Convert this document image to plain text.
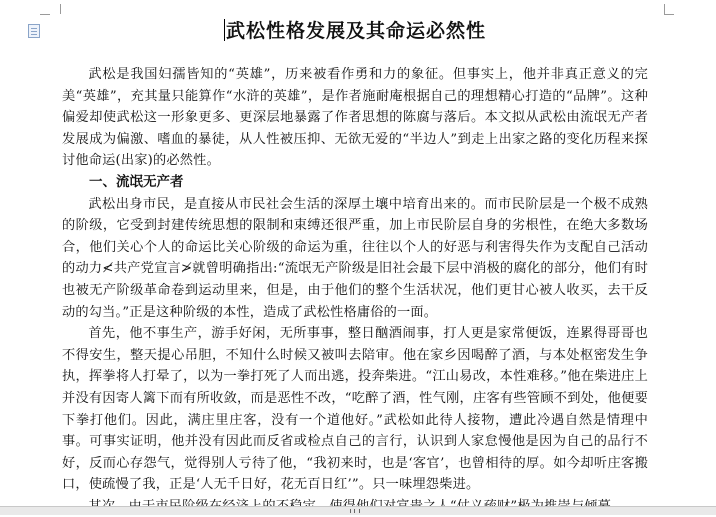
武松性格发展及其命运必然性

武松是我国妇孺皆知的“英雄”，历来被看作勇和力的象征。但事实上，他并非真正意义的完美“英雄”，充其量只能算作“水浒的英雄”，是作者施耐庵根据自己的理想精心打造的“品牌”。这种偏爱却使武松这一形象更多、更深层地暴露了作者思想的陈腐与落后。本文拟从武松由流氓无产者发展成为偏激、嗜血的暴徒，从人性被压抑、无欲无爱的“半边人”到走上出家之路的变化历程来探讨他命运(出家)的必然性。

一、流氓无产者

武松出身市民，是直接从市民社会生活的深厚土壤中培育出来的。而市民阶层是一个极不成熟的阶级，它受到封建传统思想的限制和束缚还很严重，加上市民阶层自身的劣根性，在绝大多数场合，他们关心个人的命运比关心阶级的命运为重，往往以个人的好恶与利害得失作为支配自己活动的动力≮共产党宣言≯就曾明确指出:“流氓无产阶级是旧社会最下层中消极的腐化的部分，他们有时也被无产阶级革命卷到运动里来，但是，由于他们的整个生活状况，他们更甘心被人收买，去干反动的勾当。”正是这种阶级的本性，造成了武松性格庸俗的一面。

首先，他不事生产，游手好闲，无所事事，整日酗酒闹事，打人更是家常便饭，连累得哥哥也不得安生，整天提心吊胆，不知什么时候又被叫去陪审。他在家乡因喝醉了酒，与本处枢密发生争执，挥拳将人打晕了，以为一拳打死了人而出逃，投奔柴进。“江山易改，本性难移。”他在柴进庄上并没有因寄人篱下而有所收敛，而是恶性不改，“吃醉了酒，性气刚，庄客有些管顾不到处，他便要下拳打他们。因此，满庄里庄客，没有一个道他好。”武松如此待人接物，遭此冷遇自然是情理中事。可事实证明，他并没有因此而反省或检点自己的言行，认识到人家怠慢他是因为自己的品行不好，反而心存怨气，觉得别人亏待了他，“我初来时，也是‘客官’，也曾相待的厚。如今却听庄客搬口，使疏慢了我，正是‘人无千日好，花无百日红’”。只一味埋怨柴进。
